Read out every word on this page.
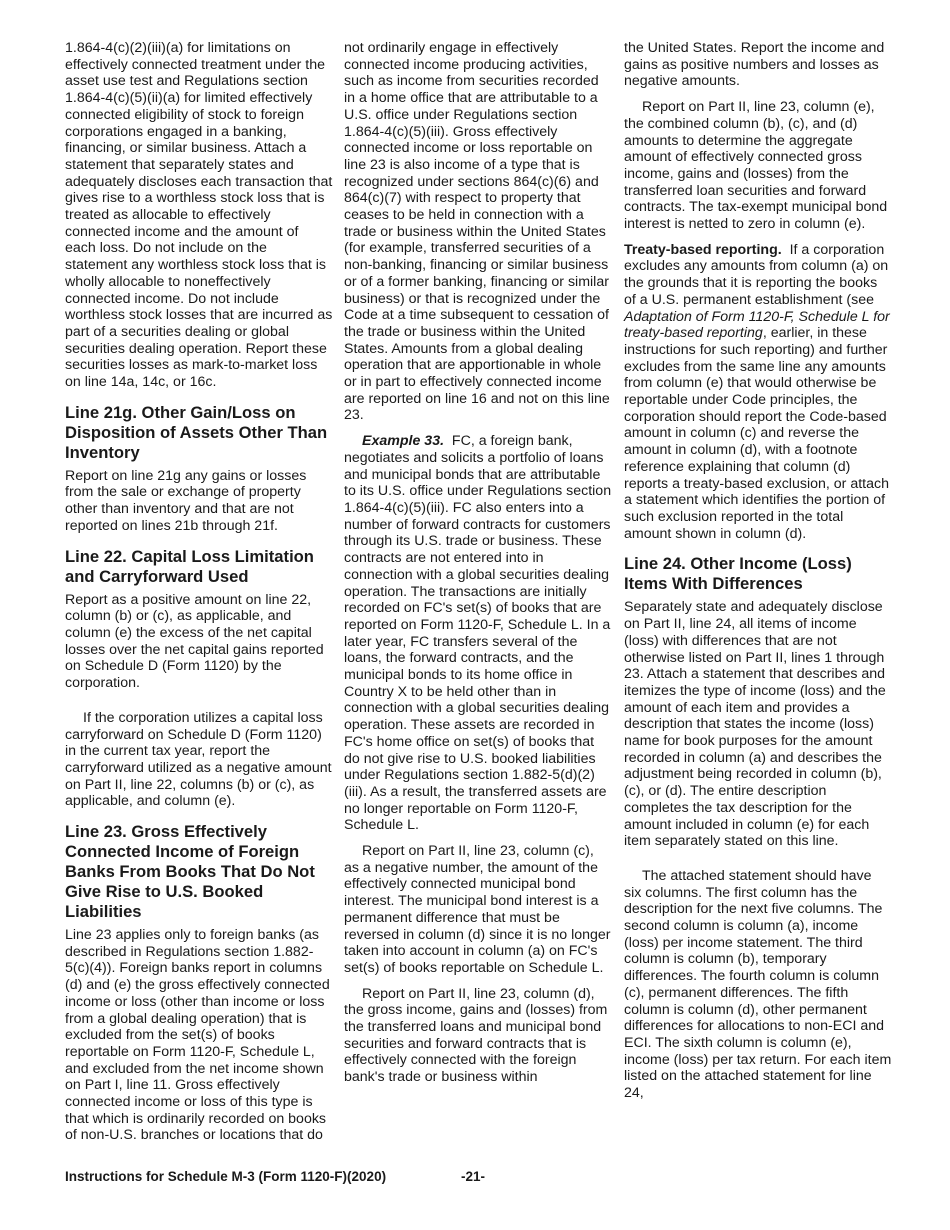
1.864-4(c)(2)(iii)(a) for limitations on effectively connected treatment under the asset use test and Regulations section 1.864-4(c)(5)(ii)(a) for limited effectively connected eligibility of stock to foreign corporations engaged in a banking, financing, or similar business. Attach a statement that separately states and adequately discloses each transaction that gives rise to a worthless stock loss that is treated as allocable to effectively connected income and the amount of each loss. Do not include on the statement any worthless stock loss that is wholly allocable to noneffectively connected income. Do not include worthless stock losses that are incurred as part of a securities dealing or global securities dealing operation. Report these securities losses as mark-to-market loss on line 14a, 14c, or 16c.

Line 21g. Other Gain/Loss on Disposition of Assets Other Than Inventory

Report on line 21g any gains or losses from the sale or exchange of property other than inventory and that are not reported on lines 21b through 21f.

Line 22. Capital Loss Limitation and Carryforward Used

Report as a positive amount on line 22, column (b) or (c), as applicable, and column (e) the excess of the net capital losses over the net capital gains reported on Schedule D (Form 1120) by the corporation.

If the corporation utilizes a capital loss carryforward on Schedule D (Form 1120) in the current tax year, report the carryforward utilized as a negative amount on Part II, line 22, columns (b) or (c), as applicable, and column (e).

Line 23. Gross Effectively Connected Income of Foreign Banks From Books That Do Not Give Rise to U.S. Booked Liabilities

Line 23 applies only to foreign banks (as described in Regulations section 1.882-5(c)(4)). Foreign banks report in columns (d) and (e) the gross effectively connected income or loss (other than income or loss from a global dealing operation) that is excluded from the set(s) of books reportable on Form 1120-F, Schedule L, and excluded from the net income shown on Part I, line 11. Gross effectively connected income or loss of this type is that which is ordinarily recorded on books of non-U.S. branches or locations that do

not ordinarily engage in effectively connected income producing activities, such as income from securities recorded in a home office that are attributable to a U.S. office under Regulations section 1.864-4(c)(5)(iii). Gross effectively connected income or loss reportable on line 23 is also income of a type that is recognized under sections 864(c)(6) and 864(c)(7) with respect to property that ceases to be held in connection with a trade or business within the United States (for example, transferred securities of a non-banking, financing or similar business or of a former banking, financing or similar business) or that is recognized under the Code at a time subsequent to cessation of the trade or business within the United States. Amounts from a global dealing operation that are apportionable in whole or in part to effectively connected income are reported on line 16 and not on this line 23.

Example 33. FC, a foreign bank, negotiates and solicits a portfolio of loans and municipal bonds that are attributable to its U.S. office under Regulations section 1.864-4(c)(5)(iii). FC also enters into a number of forward contracts for customers through its U.S. trade or business. These contracts are not entered into in connection with a global securities dealing operation. The transactions are initially recorded on FC's set(s) of books that are reported on Form 1120-F, Schedule L. In a later year, FC transfers several of the loans, the forward contracts, and the municipal bonds to its home office in Country X to be held other than in connection with a global securities dealing operation. These assets are recorded in FC's home office on set(s) of books that do not give rise to U.S. booked liabilities under Regulations section 1.882-5(d)(2)(iii). As a result, the transferred assets are no longer reportable on Form 1120-F, Schedule L.

Report on Part II, line 23, column (c), as a negative number, the amount of the effectively connected municipal bond interest. The municipal bond interest is a permanent difference that must be reversed in column (d) since it is no longer taken into account in column (a) on FC's set(s) of books reportable on Schedule L.

Report on Part II, line 23, column (d), the gross income, gains and (losses) from the transferred loans and municipal bond securities and forward contracts that is effectively connected with the foreign bank's trade or business within

the United States. Report the income and gains as positive numbers and losses as negative amounts.

Report on Part II, line 23, column (e), the combined column (b), (c), and (d) amounts to determine the aggregate amount of effectively connected gross income, gains and (losses) from the transferred loan securities and forward contracts. The tax-exempt municipal bond interest is netted to zero in column (e).

Treaty-based reporting. If a corporation excludes any amounts from column (a) on the grounds that it is reporting the books of a U.S. permanent establishment (see Adaptation of Form 1120-F, Schedule L for treaty-based reporting, earlier, in these instructions for such reporting) and further excludes from the same line any amounts from column (e) that would otherwise be reportable under Code principles, the corporation should report the Code-based amount in column (c) and reverse the amount in column (d), with a footnote reference explaining that column (d) reports a treaty-based exclusion, or attach a statement which identifies the portion of such exclusion reported in the total amount shown in column (d).

Line 24. Other Income (Loss) Items With Differences

Separately state and adequately disclose on Part II, line 24, all items of income (loss) with differences that are not otherwise listed on Part II, lines 1 through 23. Attach a statement that describes and itemizes the type of income (loss) and the amount of each item and provides a description that states the income (loss) name for book purposes for the amount recorded in column (a) and describes the adjustment being recorded in column (b), (c), or (d). The entire description completes the tax description for the amount included in column (e) for each item separately stated on this line.

The attached statement should have six columns. The first column has the description for the next five columns. The second column is column (a), income (loss) per income statement. The third column is column (b), temporary differences. The fourth column is column (c), permanent differences. The fifth column is column (d), other permanent differences for allocations to non-ECI and ECI. The sixth column is column (e), income (loss) per tax return. For each item listed on the attached statement for line 24,

Instructions for Schedule M-3 (Form 1120-F)(2020)	-21-
